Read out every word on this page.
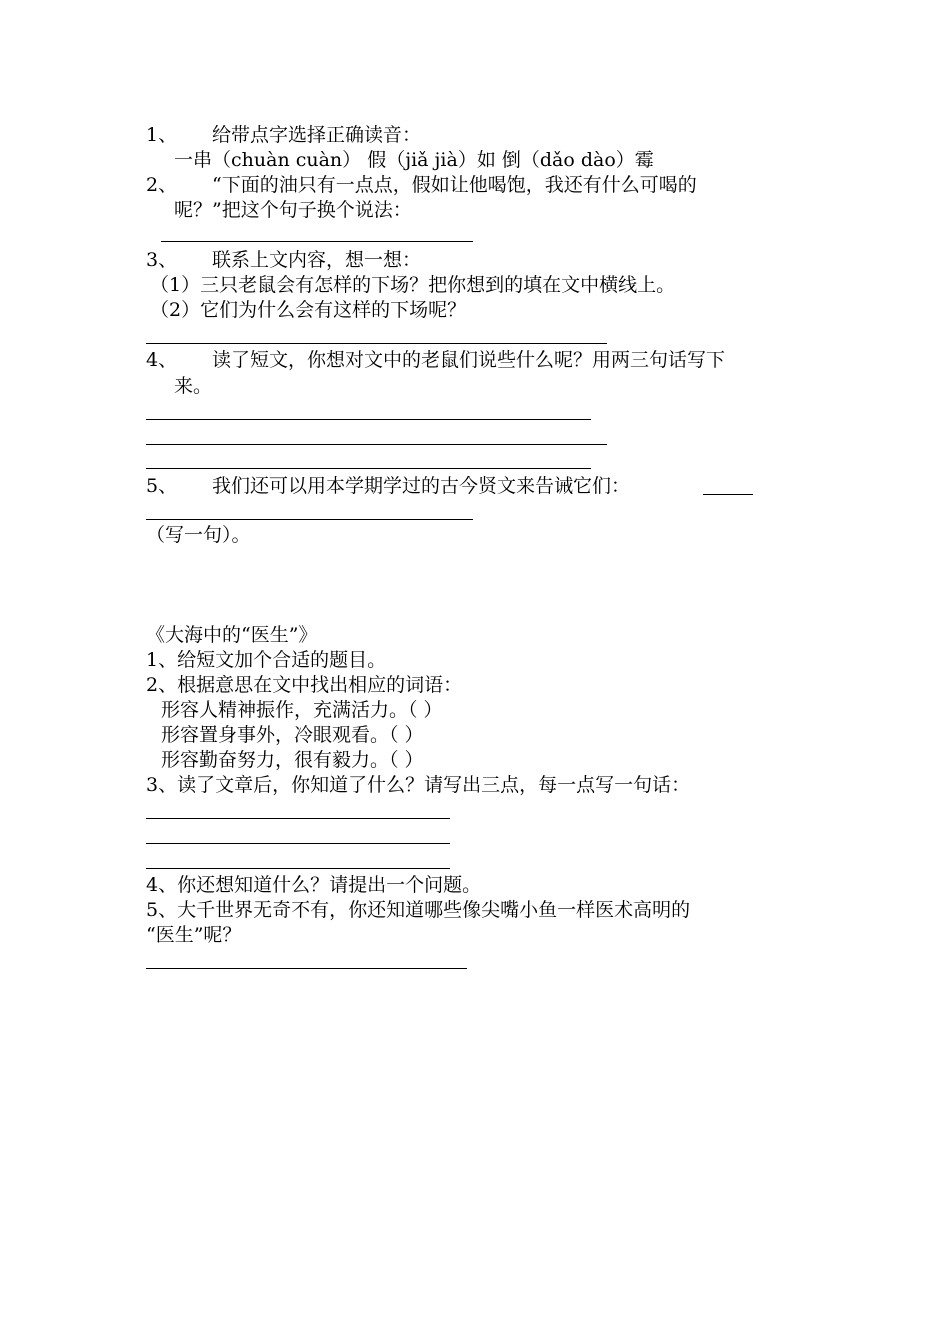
1、 给带点字选择正确读音：
一串（chuàn cuàn） 假（jiǎ jià）如 倒（dǎo dào）霉
2、 “下面的油只有一点点，假如让他喝饱，我还有什么可喝的
呢？”把这个句子换个说法：
3、 联系上文内容，想一想：
（1）三只老鼠会有怎样的下场？把你想到的填在文中横线上。
（2）它们为什么会有这样的下场呢？
4、 读了短文，你想对文中的老鼠们说些什么呢？用两三句话写下
来。
5、 我们还可以用本学期学过的古今贤文来告诫它们：
（写一句）。
《大海中的“医生”》
1、给短文加个合适的题目。
2、根据意思在文中找出相应的词语：
形容人精神振作，充满活力。（ ）
形容置身事外，冷眼观看。（ ）
形容勤奋努力，很有毅力。（ ）
3、读了文章后，你知道了什么？请写出三点，每一点写一句话：
4、你还想知道什么？请提出一个问题。
5、大千世界无奇不有，你还知道哪些像尖嘴小鱼一样医术高明的
“医生”呢？
